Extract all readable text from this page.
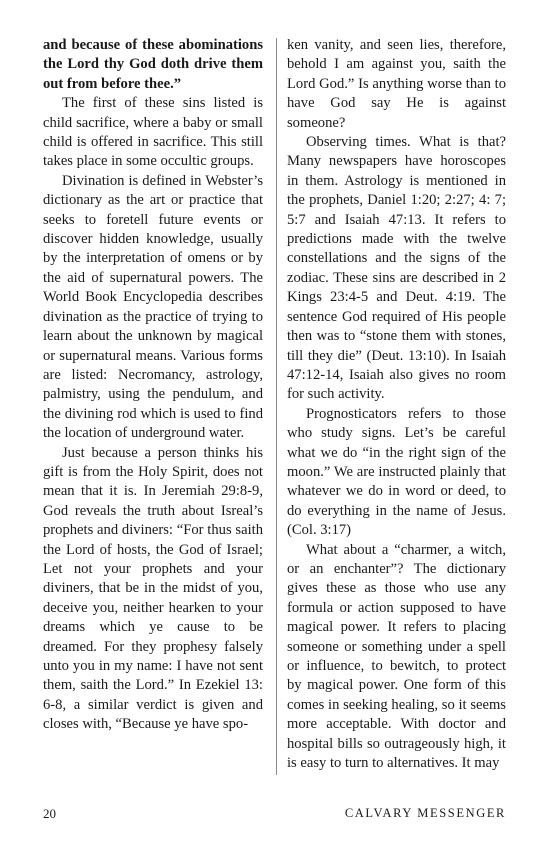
and because of these abominations the Lord thy God doth drive them out from before thee.”

The first of these sins listed is child sacrifice, where a baby or small child is offered in sacrifice. This still takes place in some occultic groups.

Divination is defined in Webster’s dictionary as the art or practice that seeks to foretell future events or discover hidden knowledge, usually by the interpretation of omens or by the aid of supernatural powers. The World Book Encyclopedia describes divination as the practice of trying to learn about the unknown by magical or supernatural means. Various forms are listed: Necromancy, astrology, palmistry, using the pendulum, and the divining rod which is used to find the location of underground water.

Just because a person thinks his gift is from the Holy Spirit, does not mean that it is. In Jeremiah 29:8-9, God reveals the truth about Isreal’s prophets and diviners: “For thus saith the Lord of hosts, the God of Israel; Let not your prophets and your diviners, that be in the midst of you, deceive you, neither hearken to your dreams which ye cause to be dreamed. For they prophesy falsely unto you in my name: I have not sent them, saith the Lord.” In Ezekiel 13: 6-8, a similar verdict is given and closes with, “Because ye have spo-

ken vanity, and seen lies, therefore, behold I am against you, saith the Lord God.” Is anything worse than to have God say He is against someone?

Observing times. What is that? Many newspapers have horoscopes in them. Astrology is mentioned in the prophets, Daniel 1:20; 2:27; 4: 7; 5:7 and Isaiah 47:13. It refers to predictions made with the twelve constellations and the signs of the zodiac. These sins are described in 2 Kings 23:4-5 and Deut. 4:19. The sentence God required of His people then was to “stone them with stones, till they die” (Deut. 13:10). In Isaiah 47:12-14, Isaiah also gives no room for such activity.

Prognosticators refers to those who study signs. Let’s be careful what we do “in the right sign of the moon.” We are instructed plainly that whatever we do in word or deed, to do everything in the name of Jesus. (Col. 3:17)

What about a “charmer, a witch, or an enchanter”? The dictionary gives these as those who use any formula or action supposed to have magical power. It refers to placing someone or something under a spell or influence, to bewitch, to protect by magical power. One form of this comes in seeking healing, so it seems more acceptable. With doctor and hospital bills so outrageously high, it is easy to turn to alternatives. It may

20	CALVARY MESSENGER
